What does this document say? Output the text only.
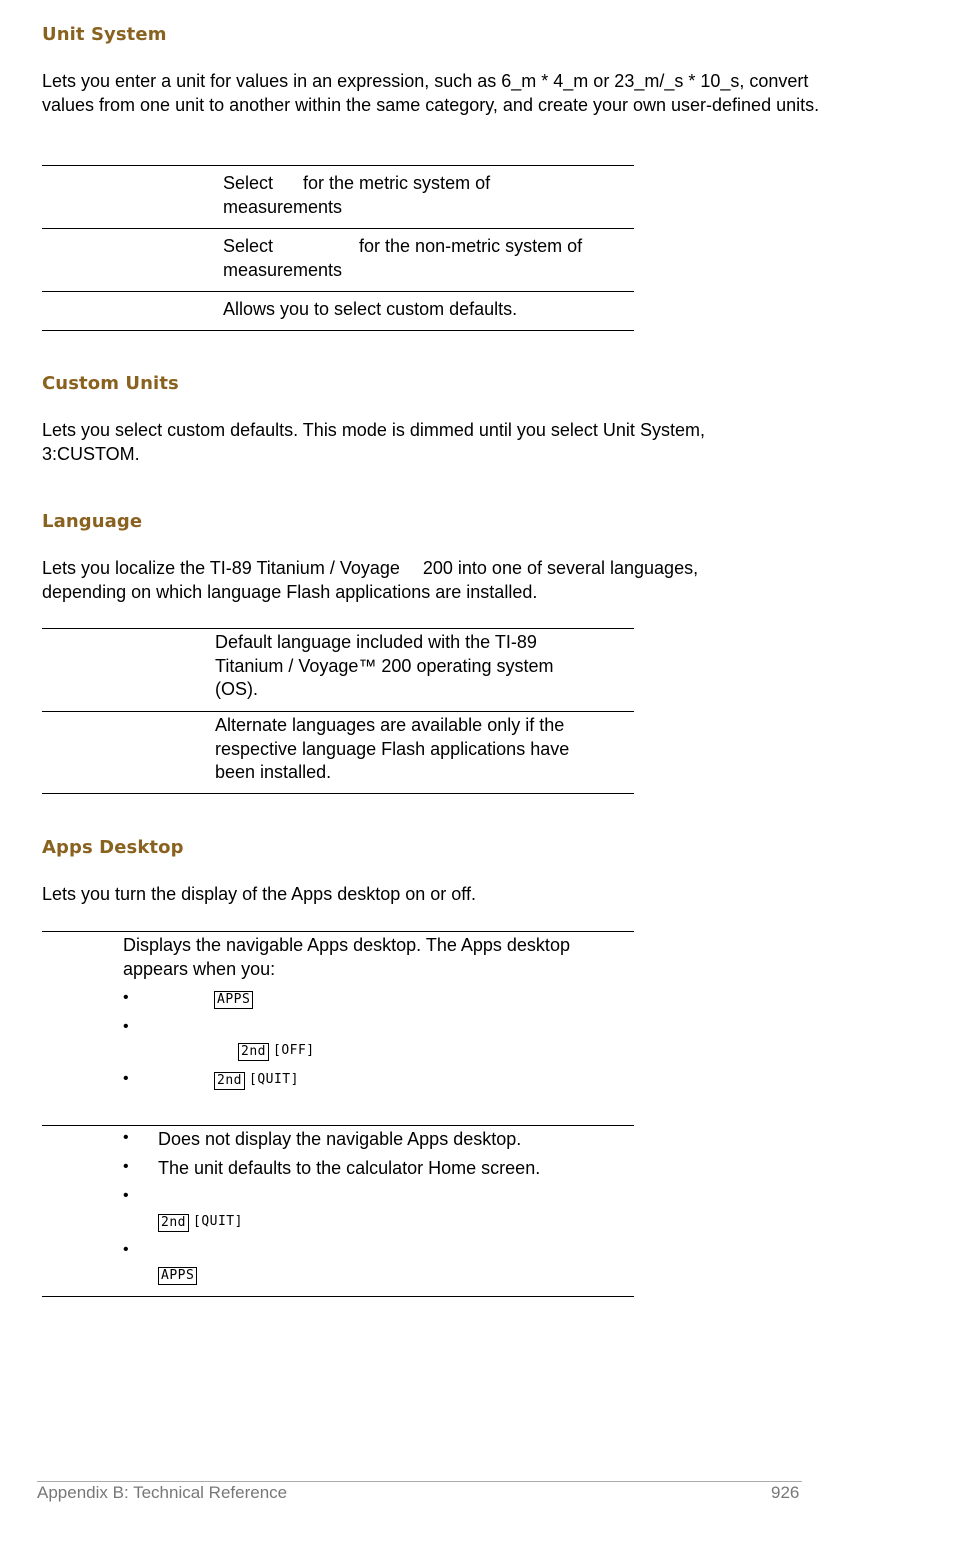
Unit System
Lets you enter a unit for values in an expression, such as 6_m * 4_m or 23_m/_s * 10_s, convert values from one unit to another within the same category, and create your own user-defined units.
Select for the metric system of
measurements
Select	for the non-metric system of
measurements
Allows you to select custom defaults.
Custom Units
Lets you select custom defaults. This mode is dimmed until you select Unit System, 3:CUSTOM.
Language
Lets you localize the TI-89 Titanium / Voyage 200 into one of several languages,
depending on which language Flash applications are installed.
Default language included with the TI-89
Titanium / Voyage™ 200 operating system
(OS).
Alternate languages are available only if the
respective language Flash applications have
been installed.
Apps Desktop
Lets you turn the display of the Apps desktop on or off.
Displays the navigable Apps desktop. The Apps desktop
appears when you:
•	APPS
•
2nd [OFF]
•	2nd [QUIT]
• Does not display the navigable Apps desktop.
• The unit defaults to the calculator Home screen.
•
2nd [QUIT]
•
APPS
Appendix B: Technical Reference	926
